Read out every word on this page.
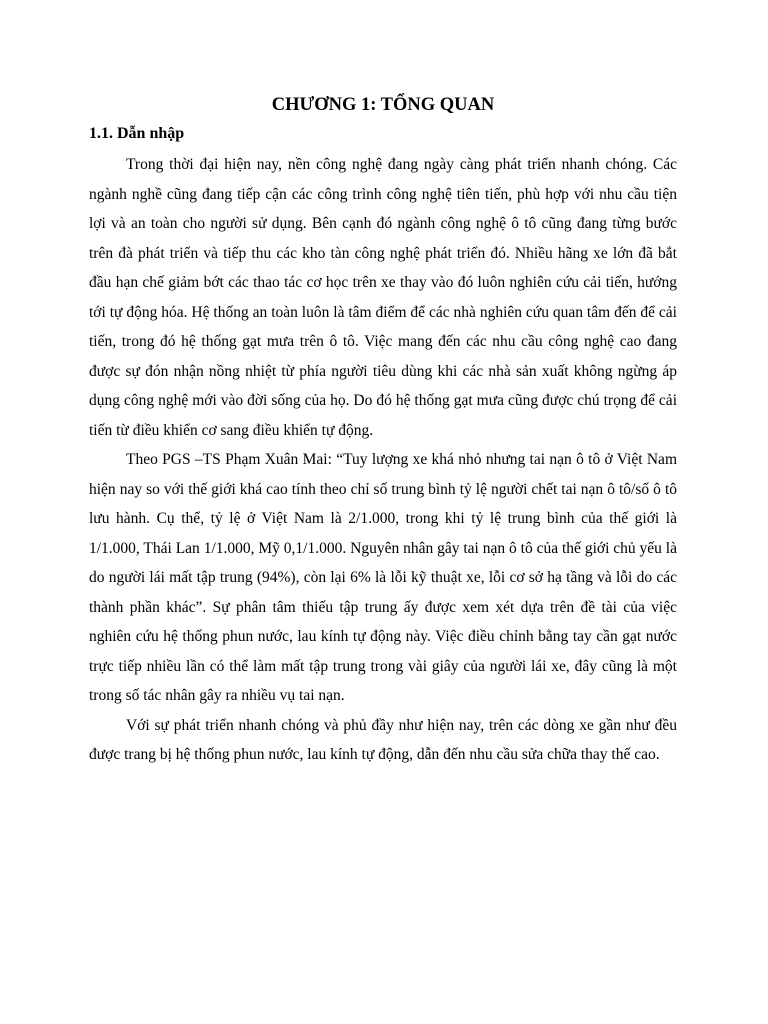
CHƯƠNG 1: TỔNG QUAN
1.1. Dẫn nhập

Trong thời đại hiện nay, nền công nghệ đang ngày càng phát triển nhanh chóng. Các ngành nghề cũng đang tiếp cận các công trình công nghệ tiên tiến, phù hợp với nhu cầu tiện lợi và an toàn cho người sử dụng. Bên cạnh đó ngành công nghệ ô tô cũng đang từng bước trên đà phát triển và tiếp thu các kho tàn công nghệ phát triển đó. Nhiều hãng xe lớn đã bắt đầu hạn chế giảm bớt các thao tác cơ học trên xe thay vào đó luôn nghiên cứu cải tiến, hướng tới tự động hóa. Hệ thống an toàn luôn là tâm điểm để các nhà nghiên cứu quan tâm đến để cải tiến, trong đó hệ thống gạt mưa trên ô tô. Việc mang đến các nhu cầu công nghệ cao đang được sự đón nhận nồng nhiệt từ phía người tiêu dùng khi các nhà sản xuất không ngừng áp dụng công nghệ mới vào đời sống của họ. Do đó hệ thống gạt mưa cũng được chú trọng để cải tiến từ điều khiển cơ sang điều khiển tự động.

Theo PGS –TS Phạm Xuân Mai: “Tuy lượng xe khá nhỏ nhưng tai nạn ô tô ở Việt Nam hiện nay so với thế giới khá cao tính theo chỉ số trung bình tỷ lệ người chết tai nạn ô tô/số ô tô lưu hành. Cụ thể, tỷ lệ ở Việt Nam là 2/1.000, trong khi tỷ lệ trung bình của thế giới là 1/1.000, Thái Lan 1/1.000, Mỹ 0,1/1.000. Nguyên nhân gây tai nạn ô tô của thế giới chủ yếu là do người lái mất tập trung (94%), còn lại 6% là lỗi kỹ thuật xe, lỗi cơ sở hạ tầng và lỗi do các thành phần khác”. Sự phân tâm thiếu tập trung ấy được xem xét dựa trên đề tài của việc nghiên cứu hệ thống phun nước, lau kính tự động này. Việc điều chỉnh bằng tay cần gạt nước trực tiếp nhiều lần có thể làm mất tập trung trong vài giây của người lái xe, đây cũng là một trong số tác nhân gây ra nhiều vụ tai nạn.

Với sự phát triển nhanh chóng và phủ đầy như hiện nay, trên các dòng xe gần như đều được trang bị hệ thống phun nước, lau kính tự động, dẫn đến nhu cầu sửa chữa thay thế cao.
